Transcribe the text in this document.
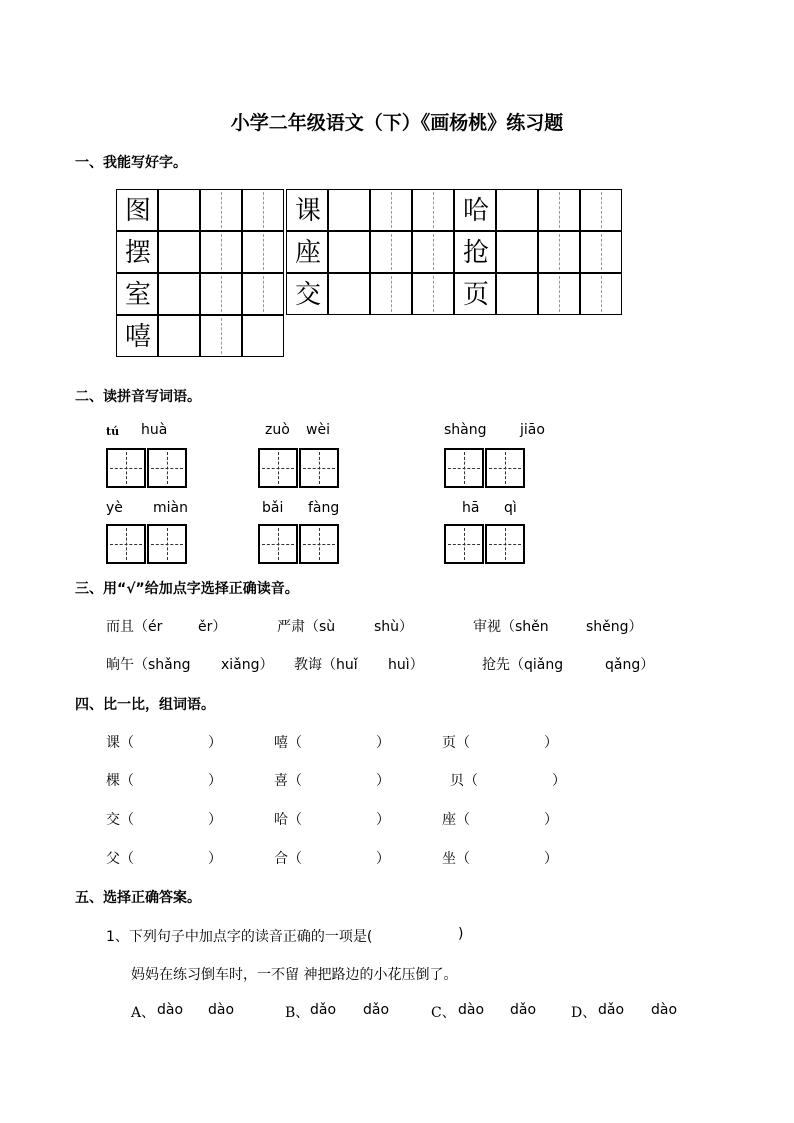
小学二年级语文（下）《画杨桃》练习题
一、我能写好字。
图	课	哈
摆	座	抢
室	交	页
嘻
二、读拼音写词语。
tú huà	zuò wèi	shàng jiāo
yè miàn	bǎi fàng	hā qì
三、用“√”给加点字选择正确读音。
而且（ér	ěr）	严肃（sù	shù）	审视（shěn	shěng）
晌午（shǎng xiǎng） 教诲（huǐ huì）	抢先（qiǎng	qǎng）
四、比一比，组词语。
课（	）	嘻（	）	页（	）
棵（	）	喜（	）	贝（	）
交（	）	哈（	）	座（	）
父（	）	合（	）	坐（	）
五、选择正确答案。
1、下列句子中加点字的读音正确的一项是(	)
妈妈在练习倒车时，一不留 神把路边的小花压倒了。
A、 dào dào	B、 dǎo dǎo	C、 dào dǎo D、 dǎo dào
